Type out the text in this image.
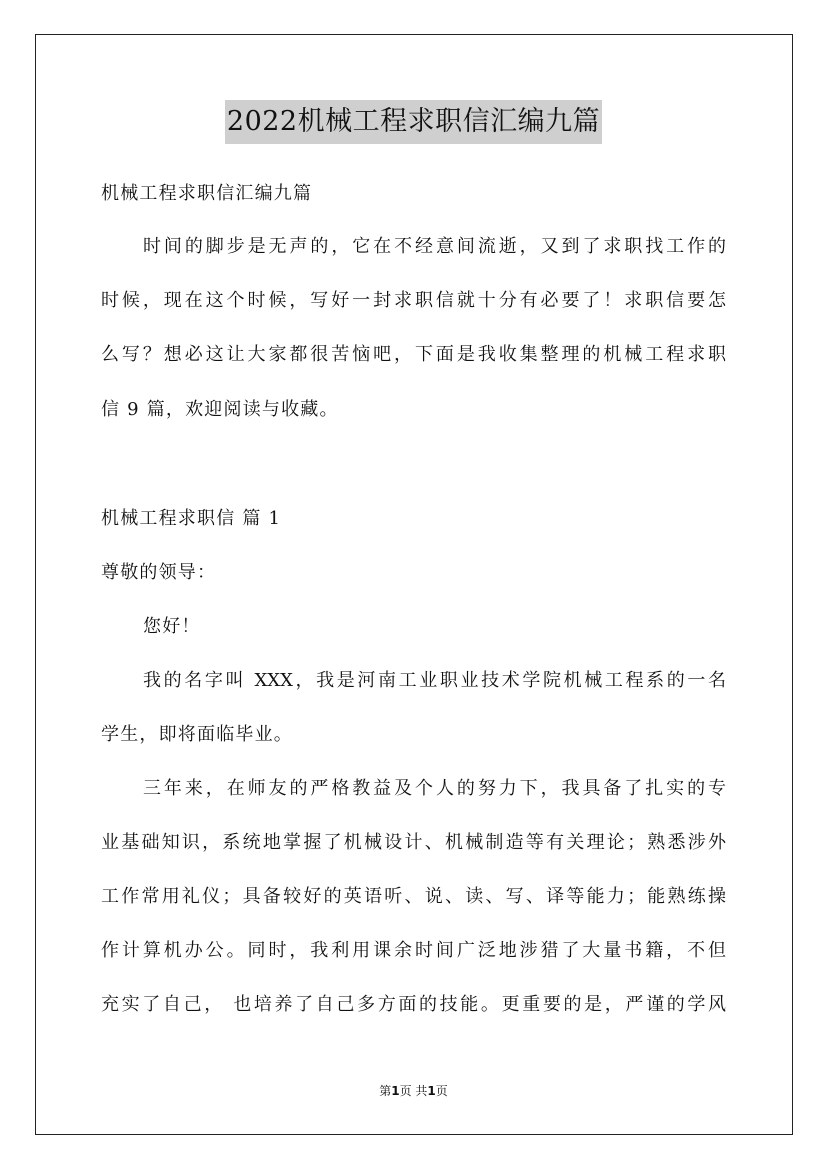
2022机械工程求职信汇编九篇
机械工程求职信汇编九篇
时间的脚步是无声的，它在不经意间流逝，又到了求职找工作的
时候，现在这个时候，写好一封求职信就十分有必要了！求职信要怎
么写？想必这让大家都很苦恼吧，下面是我收集整理的机械工程求职
信 9 篇，欢迎阅读与收藏。
机械工程求职信 篇 1
尊敬的领导：
您好！
我的名字叫 XXX，我是河南工业职业技术学院机械工程系的一名
学生，即将面临毕业。
三年来，在师友的严格教益及个人的努力下，我具备了扎实的专
业基础知识，系统地掌握了机械设计、机械制造等有关理论；熟悉涉外
工作常用礼仪；具备较好的英语听、说、读、写、译等能力；能熟练操
作计算机办公。同时，我利用课余时间广泛地涉猎了大量书籍，不但
充实了自己， 也培养了自己多方面的技能。更重要的是，严谨的学风
第1页 共1页
